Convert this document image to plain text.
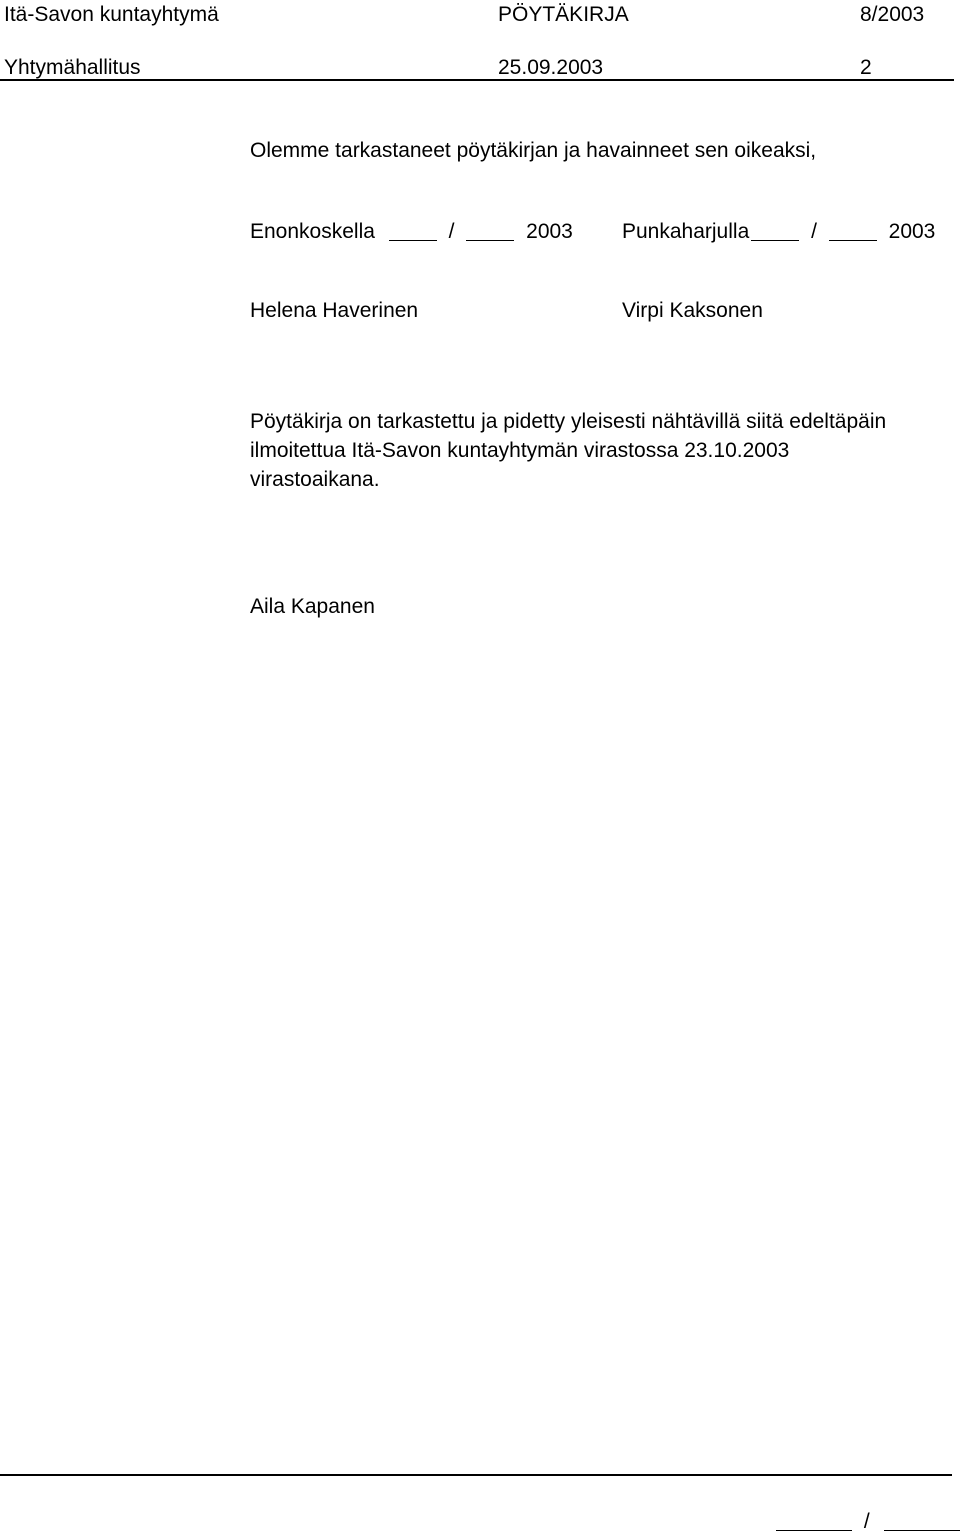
Itä-Savon kuntayhtymä	PÖYTÄKIRJA	8/2003
Yhtymähallitus	25.09.2003	2
Olemme tarkastaneet pöytäkirjan ja havainneet sen oikeaksi,
Enonkoskella	/	2003 Punkaharjulla	/	2003
Helena Haverinen	Virpi Kaksonen
Pöytäkirja on tarkastettu ja pidetty yleisesti nähtävillä siitä edeltäpäin
ilmoitettua Itä-Savon kuntayhtymän virastossa 23.10.2003
virastoaikana.
Aila Kapanen
/
